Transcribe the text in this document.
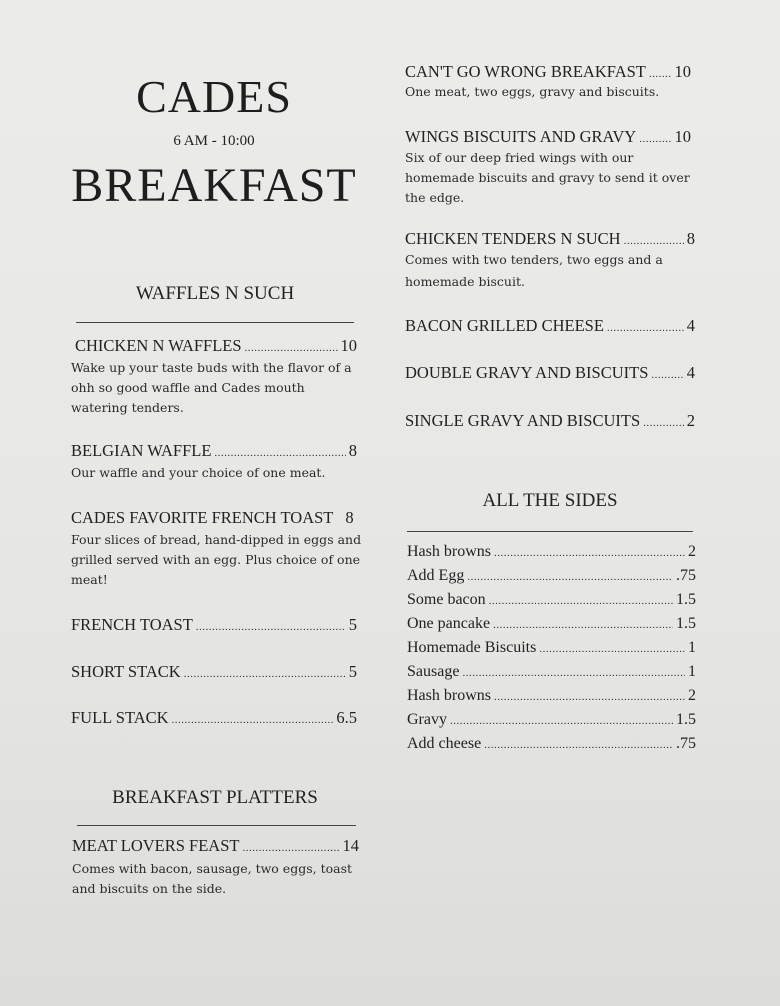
CADES
6 AM - 10:00
BREAKFAST
WAFFLES N SUCH
CHICKEN N WAFFLES .....	10
Wake up your taste buds with the flavor of a ohh so good waffle and Cades mouth watering tenders.
BELGIAN WAFFLE .....	8
Our waffle and your choice of one meat.
CADES FAVORITE FRENCH TOAST 8
Four slices of bread, hand-dipped in eggs and grilled served with an egg. Plus choice of one meat!
FRENCH TOAST .....	5
SHORT STACK .....	5
FULL STACK .....	6.5
BREAKFAST PLATTERS
MEAT LOVERS FEAST .....	14
Comes with bacon, sausage, two eggs, toast and biscuits on the side.
CAN'T GO WRONG BREAKFAST ..... 10
One meat, two eggs, gravy and biscuits.
WINGS BISCUITS AND GRAVY ..... 10
Six of our deep fried wings with our homemade biscuits and gravy to send it over the edge.
CHICKEN TENDERS N SUCH .....	8
Comes with two tenders, two eggs and a homemade biscuit.
BACON GRILLED CHEESE .....	4
DOUBLE GRAVY AND BISCUITS ..... 4
SINGLE GRAVY AND BISCUITS .....	2
ALL THE SIDES
Hash browns .....	2
Add Egg .....	.75
Some bacon .....	1.5
One pancake .....	1.5
Homemade Biscuits .....	1
Sausage .....	1
Hash browns .....	2
Gravy .....	1.5
Add cheese .....	.75
